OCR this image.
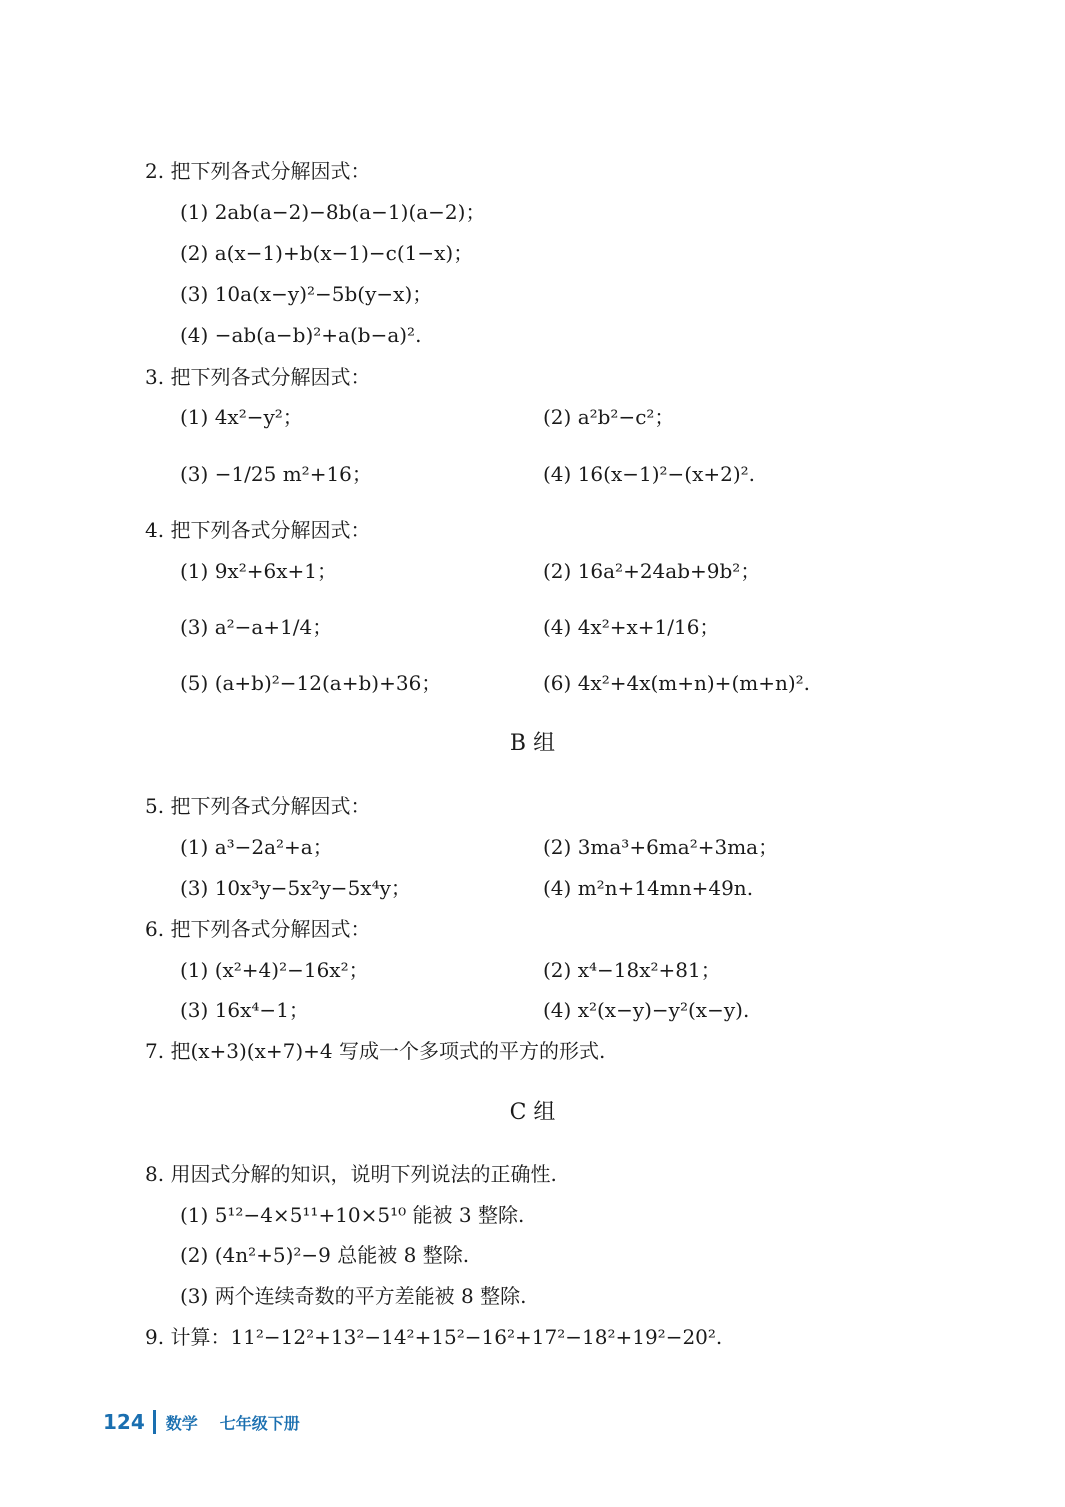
2. 把下列各式分解因式：
(1) 2ab(a−2)−8b(a−1)(a−2)；
(2) a(x−1)+b(x−1)−c(1−x)；
(3) 10a(x−y)²−5b(y−x)；
(4) −ab(a−b)²+a(b−a)².
3. 把下列各式分解因式：
(1) 4x²−y²；	(2) a²b²−c²；
(3) −1/25 m²+16；	(4) 16(x−1)²−(x+2)².
4. 把下列各式分解因式：
(1) 9x²+6x+1；	(2) 16a²+24ab+9b²；
(3) a²−a+1/4；	(4) 4x²+x+1/16；
(5) (a+b)²−12(a+b)+36；	(6) 4x²+4x(m+n)+(m+n)².
B 组
5. 把下列各式分解因式：
(1) a³−2a²+a；	(2) 3ma³+6ma²+3ma；
(3) 10x³y−5x²y−5x⁴y；	(4) m²n+14mn+49n.
6. 把下列各式分解因式：
(1) (x²+4)²−16x²；	(2) x⁴−18x²+81；
(3) 16x⁴−1；	(4) x²(x−y)−y²(x−y).
7. 把(x+3)(x+7)+4 写成一个多项式的平方的形式.
C 组
8. 用因式分解的知识，说明下列说法的正确性.
(1) 5¹²−4×5¹¹+10×5¹⁰ 能被 3 整除.
(2) (4n²+5)²−9 总能被 8 整除.
(3) 两个连续奇数的平方差能被 8 整除.
9. 计算：11²−12²+13²−14²+15²−16²+17²−18²+19²−20².
124 数学 七年级下册
